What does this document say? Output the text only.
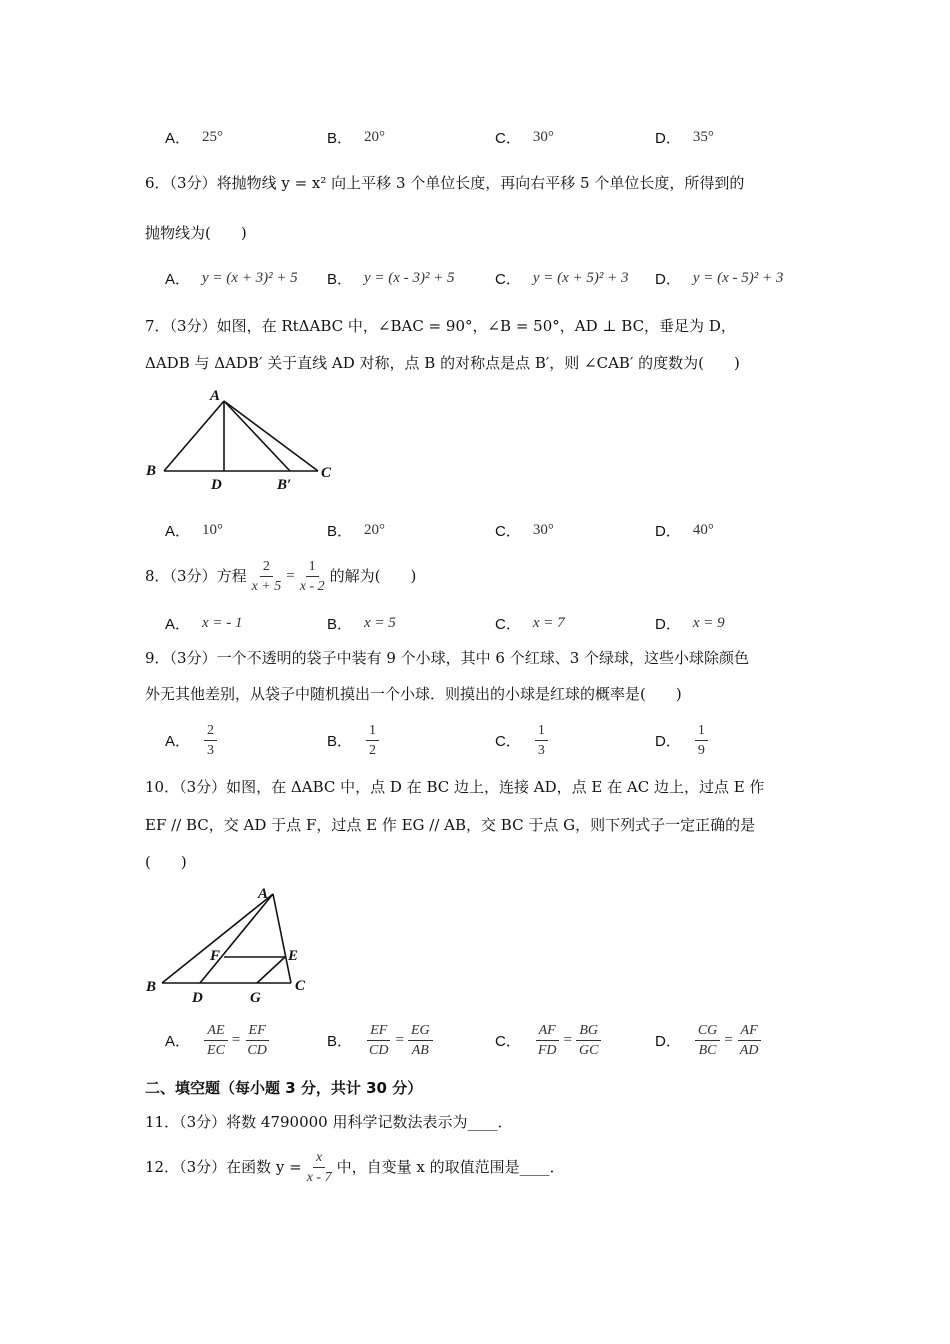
A． 25°	B． 20°	C． 30°	D． 35°
6．（3分）将抛物线 y = x² 向上平移 3 个单位长度，再向右平移 5 个单位长度，所得到的
抛物线为(　　)
A． y = (x + 3)² + 5 B． y = (x - 3)² + 5	C． y = (x + 5)² + 3 D． y = (x - 5)² + 3
7．（3分）如图，在 RtΔABC 中，∠BAC = 90°，∠B = 50°，AD ⊥ BC，垂足为 D，
ΔADB 与 ΔADB′ 关于直线 AD 对称，点 B 的对称点是点 B′，则 ∠CAB′ 的度数为(　　)
A
B	C
D	B′
A． 10°	B． 20°	C． 30°	D． 40°
8．（3分）方程 $\frac{2}{x + 5} = \frac{1}{x - 2}$ 的解为(　　)
A． x = - 1	B． x = 5	C． x = 7	D． x = 9
9．（3分）一个不透明的袋子中装有 9 个小球，其中 6 个红球、3 个绿球，这些小球除颜色
外无其他差别，从袋子中随机摸出一个小球．则摸出的小球是红球的概率是(　　)
A． $\frac{2}{3}$	B． $\frac{1}{2}$	C． $\frac{1}{3}$	D． $\frac{1}{9}$
10．（3分）如图，在 ΔABC 中，点 D 在 BC 边上，连接 AD，点 E 在 AC 边上，过点 E 作
EF // BC，交 AD 于点 F，过点 E 作 EG // AB，交 BC 于点 G，则下列式子一定正确的是
(　　)
A
B	C
D
E
F
G
A． $\frac{AE}{EC} = \frac{EF}{CD}$	B． $\frac{EF}{CD} = \frac{EG}{AB}$	C． $\frac{AF}{FD} = \frac{BG}{GC}$	D． $\frac{CG}{BC} = \frac{AF}{AD}$
二、填空题（每小题 3 分，共计 30 分）
11．（3分）将数 4790000 用科学记数法表示为____．
12．（3分）在函数 $y = \frac{x}{x - 7}$ 中，自变量 x 的取值范围是____．
